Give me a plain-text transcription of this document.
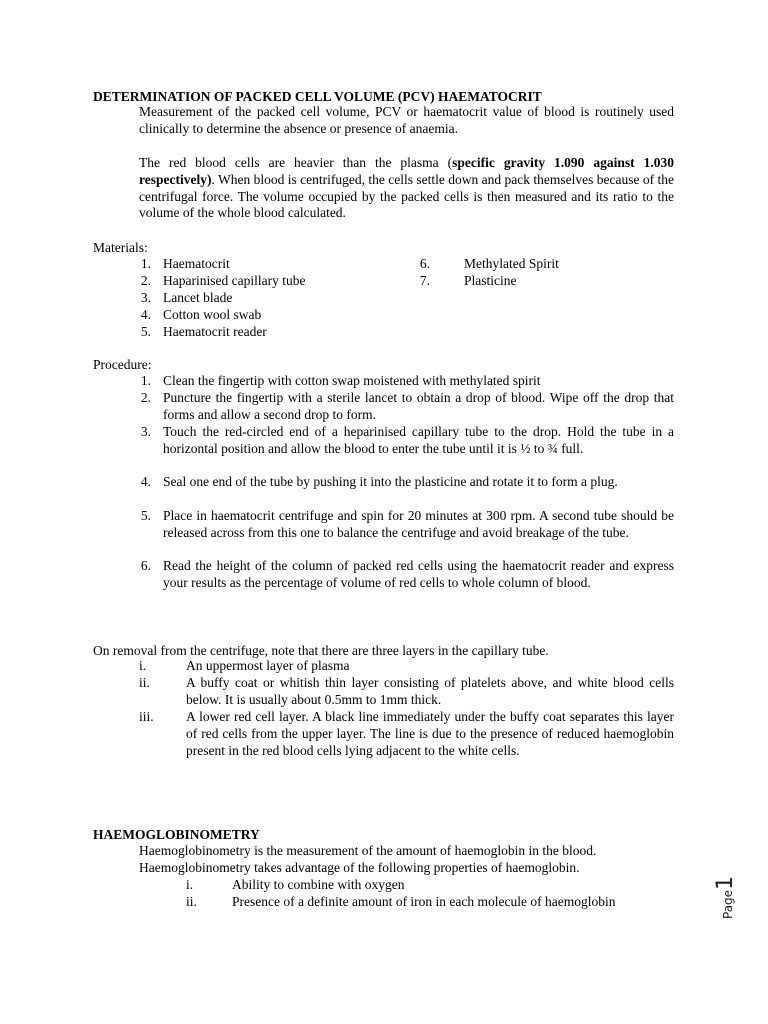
DETERMINATION OF PACKED CELL VOLUME (PCV) HAEMATOCRIT
Measurement of the packed cell volume, PCV or haematocrit value of blood is routinely used clinically to determine the absence or presence of anaemia.
The red blood cells are heavier than the plasma (specific gravity 1.090 against 1.030 respectively). When blood is centrifuged, the cells settle down and pack themselves because of the centrifugal force. The volume occupied by the packed cells is then measured and its ratio to the volume of the whole blood calculated.
Materials:
1. Haematocrit
2. Haparinised capillary tube
3. Lancet blade
4. Cotton wool swab
5. Haematocrit reader
6.	Methylated Spirit
7.	Plasticine
Procedure:
1. Clean the fingertip with cotton swap moistened with methylated spirit
2. Puncture the fingertip with a sterile lancet to obtain a drop of blood. Wipe off the drop that forms and allow a second drop to form.
3. Touch the red-circled end of a heparinised capillary tube to the drop. Hold the tube in a horizontal position and allow the blood to enter the tube until it is ½ to ¾ full.
4. Seal one end of the tube by pushing it into the plasticine and rotate it to form a plug.
5. Place in haematocrit centrifuge and spin for 20 minutes at 300 rpm. A second tube should be released across from this one to balance the centrifuge and avoid breakage of the tube.
6. Read the height of the column of packed red cells using the haematocrit reader and express your results as the percentage of volume of red cells to whole column of blood.
On removal from the centrifuge, note that there are three layers in the capillary tube.
i.	An uppermost layer of plasma
ii.	A buffy coat or whitish thin layer consisting of platelets above, and white blood cells below. It is usually about 0.5mm to 1mm thick.
iii.	A lower red cell layer. A black line immediately under the buffy coat separates this layer of red cells from the upper layer. The line is due to the presence of reduced haemoglobin present in the red blood cells lying adjacent to the white cells.
HAEMOGLOBINOMETRY
Haemoglobinometry is the measurement of the amount of haemoglobin in the blood.
Haemoglobinometry takes advantage of the following properties of haemoglobin.
i.	Ability to combine with oxygen
ii.	Presence of a definite amount of iron in each molecule of haemoglobin	Page1
